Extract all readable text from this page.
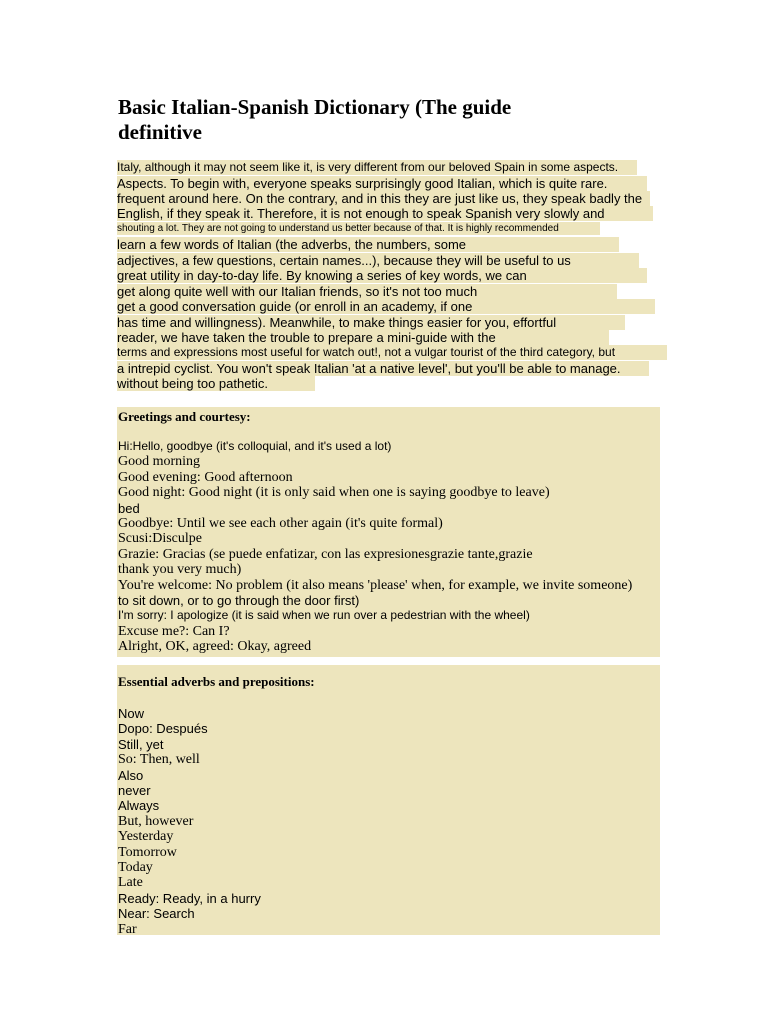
Basic Italian-Spanish Dictionary (The guide definitive
Italy, although it may not seem like it, is very different from our beloved Spain in some aspects.
Aspects. To begin with, everyone speaks surprisingly good Italian, which is quite rare.
frequent around here. On the contrary, and in this they are just like us, they speak badly the
English, if they speak it. Therefore, it is not enough to speak Spanish very slowly and
shouting a lot. They are not going to understand us better because of that. It is highly recommended
learn a few words of Italian (the adverbs, the numbers, some
adjectives, a few questions, certain names...), because they will be useful to us
great utility in day-to-day life. By knowing a series of key words, we can
get along quite well with our Italian friends, so it's not too much
get a good conversation guide (or enroll in an academy, if one
has time and willingness). Meanwhile, to make things easier for you, effortful
reader, we have taken the trouble to prepare a mini-guide with the
terms and expressions most useful for watch out!, not a vulgar tourist of the third category, but
a intrepid cyclist. You won't speak Italian 'at a native level', but you'll be able to manage.
without being too pathetic.
Greetings and courtesy:
Hi:Hello, goodbye (it's colloquial, and it's used a lot)
Good morning
Good evening: Good afternoon
Good night: Good night (it is only said when one is saying goodbye to leave)
bed
Goodbye: Until we see each other again (it's quite formal)
Scusi:Disculpe
Grazie: Gracias (se puede enfatizar, con las expresionesgrazie tante,grazie
thank you very much)
You're welcome: No problem (it also means 'please' when, for example, we invite someone)
to sit down, or to go through the door first)
I'm sorry: I apologize (it is said when we run over a pedestrian with the wheel)
Excuse me?: Can I?
Alright, OK, agreed: Okay, agreed
Essential adverbs and prepositions:
Now
Dopo: Después
Still, yet
So: Then, well
Also
never
Always
But, however
Yesterday
Tomorrow
Today
Late
Ready: Ready, in a hurry
Near: Search
Far
